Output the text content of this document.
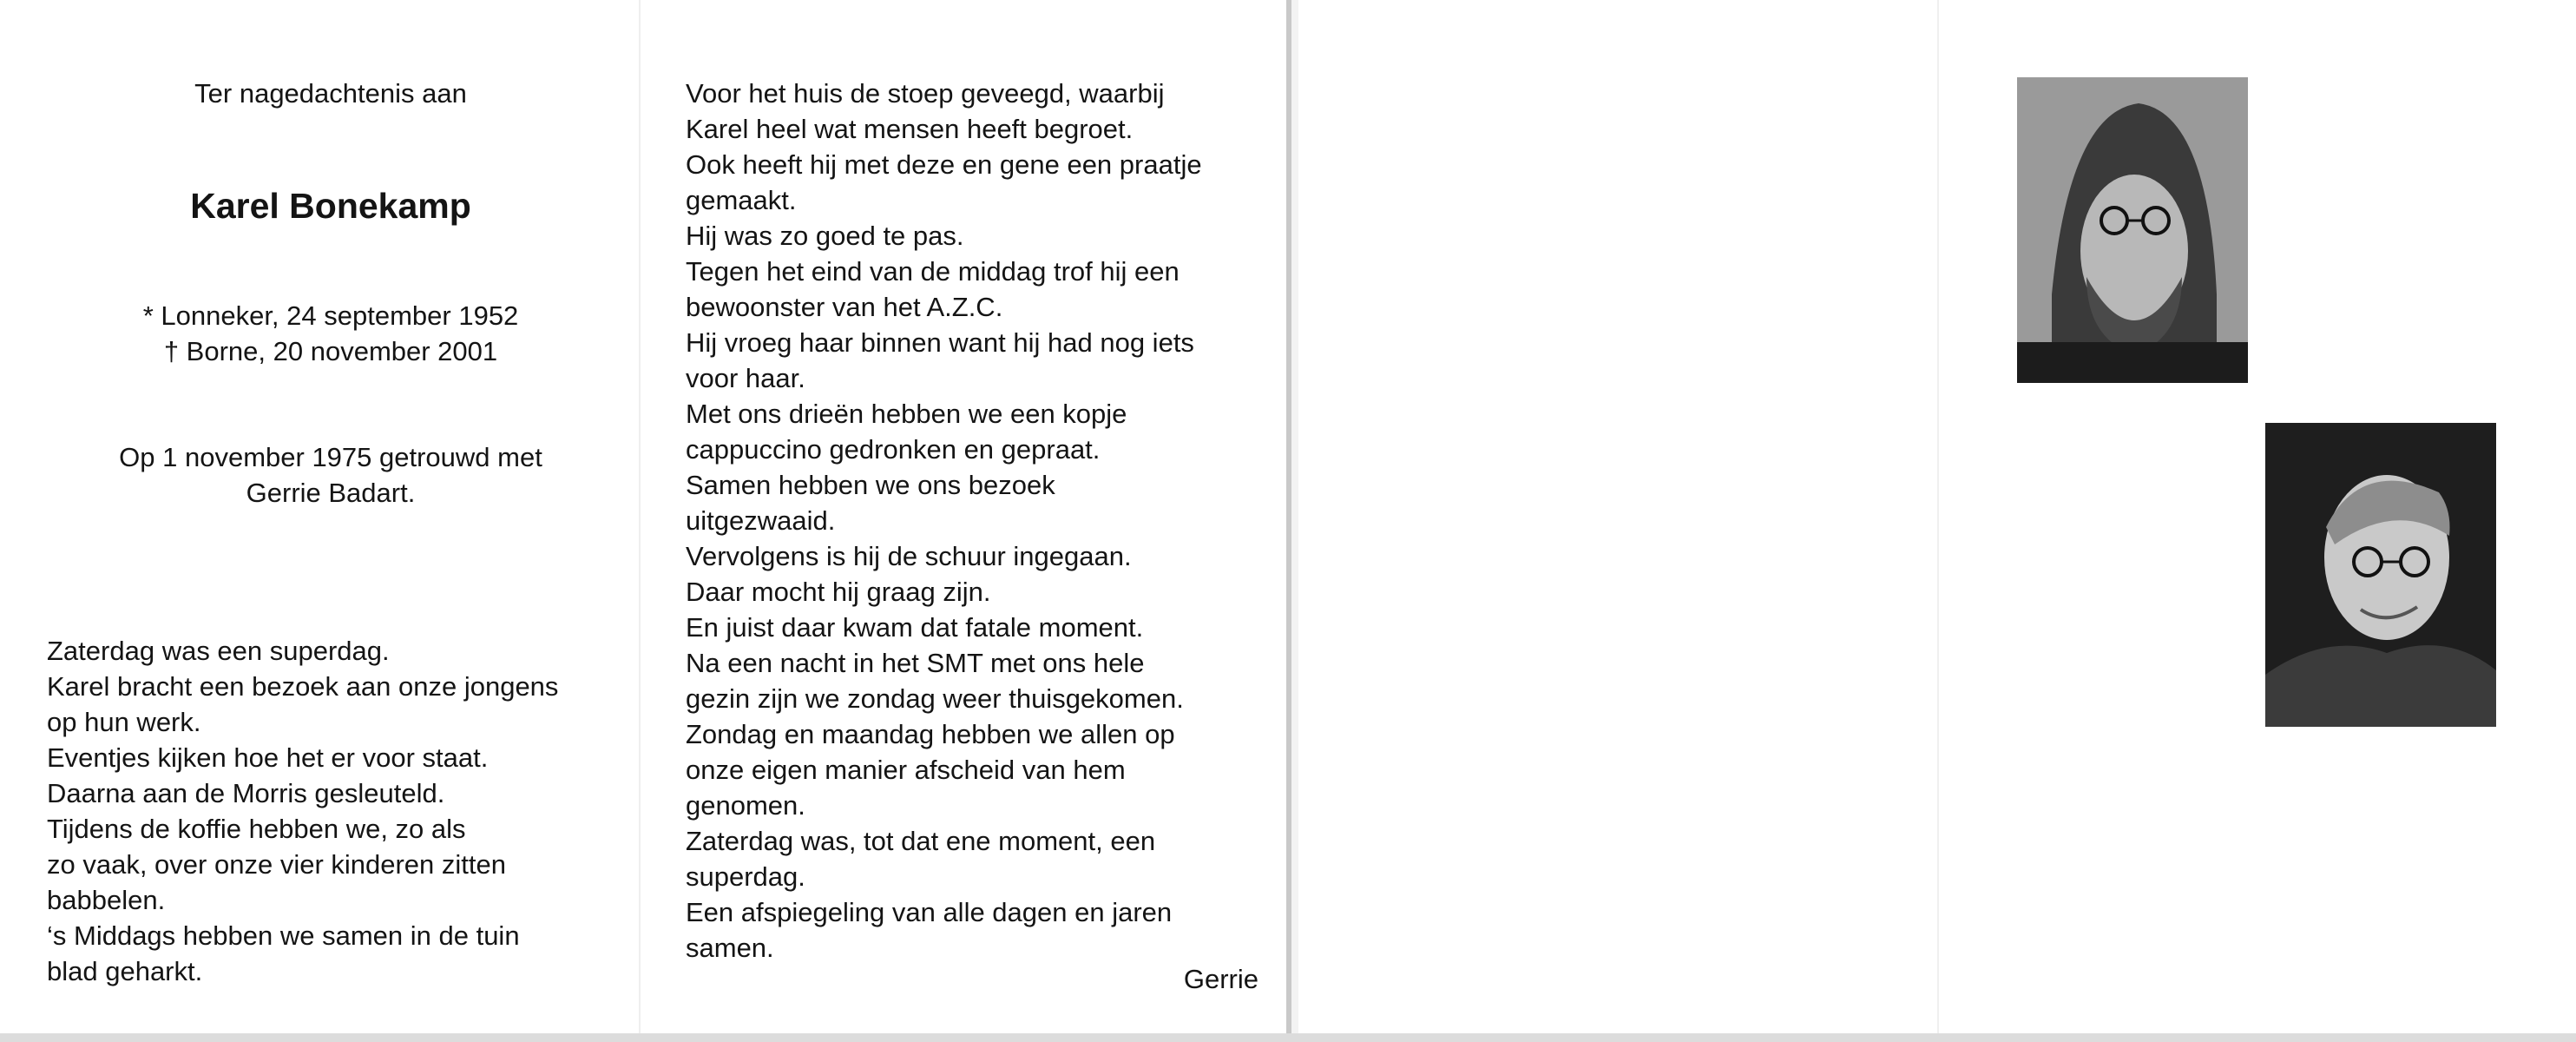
Ter nagedachtenis aan
Karel Bonekamp
* Lonneker, 24 september 1952
† Borne, 20 november 2001
Op 1 november 1975 getrouwd met
Gerrie Badart.
Zaterdag was een superdag.
Karel bracht een bezoek aan onze jongens
op hun werk.
Eventjes kijken hoe het er voor staat.
Daarna aan de Morris gesleuteld.
Tijdens de koffie hebben we, zo als
zo vaak, over onze vier kinderen zitten
babbelen.
‘s Middags hebben we samen in de tuin
blad geharkt.
Voor het huis de stoep geveegd, waarbij
Karel heel wat mensen heeft begroet.
Ook heeft hij met deze en gene een praatje
gemaakt.
Hij was zo goed te pas.
Tegen het eind van de middag trof hij een
bewoonster van het A.Z.C.
Hij vroeg haar binnen want hij had nog iets
voor haar.
Met ons drieën hebben we een kopje
cappuccino gedronken en gepraat.
Samen hebben we ons bezoek
uitgezwaaid.
Vervolgens is hij de schuur ingegaan.
Daar mocht hij graag zijn.
En juist daar kwam dat fatale moment.
Na een nacht in het SMT met ons hele
gezin zijn we zondag weer thuisgekomen.
Zondag en maandag hebben we allen op
onze eigen manier afscheid van hem
genomen.
Zaterdag was, tot dat ene moment, een
superdag.
Een afspiegeling van alle dagen en jaren
samen.
Gerrie
